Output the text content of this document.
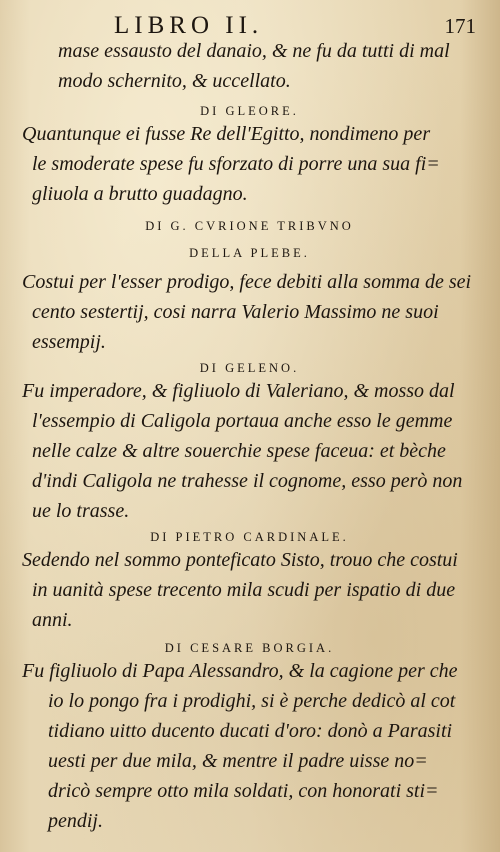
LIBRO II.	171
mase essausto del danaio, & ne fu da tutti di mal
modo schernito, & uccellato.
DI GLEORE.
Quantunque ei fusse Re dell'Egitto, nondimeno per
le smoderate spese fu sforzato di porre una sua fi=
gliuola a brutto guadagno.
DI G. CVRIONE TRIBVNO
DELLA PLEBE.
Costui per l'esser prodigo, fece debiti alla somma de sei
cento sestertij, cosi narra Valerio Massimo ne suoi
essempij.
DI GELENO.
Fu imperadore, & figliuolo di Valeriano, & mosso dal
l'essempio di Caligola portaua anche esso le gemme
nelle calze & altre souerchie spese faceua: et bèche
d'indi Caligola ne trahesse il cognome, esso però non
ue lo trasse.
DI PIETRO CARDINALE.
Sedendo nel sommo ponteficato Sisto, trouo che costui
in uanità spese trecento mila scudi per ispatio di due
anni.
DI CESARE BORGIA.
Fu figliuolo di Papa Alessandro, & la cagione per che
io lo pongo fra i prodighi, si è perche dedicò al cot
tidiano uitto ducento ducati d'oro: donò a Parasiti
uesti per due mila, & mentre il padre uisse no=
dricò sempre otto mila soldati, con honorati sti=
pendij.
